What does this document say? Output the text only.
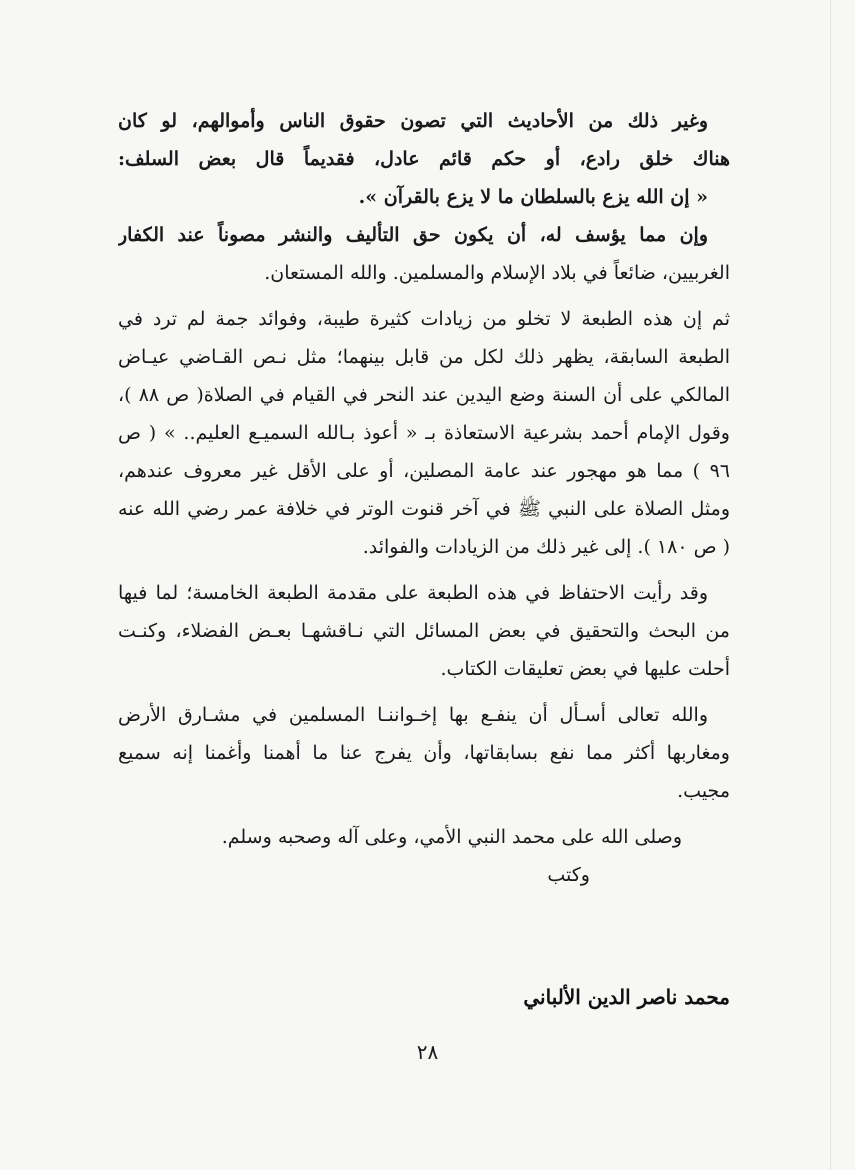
وغير ذلك من الأحاديث التي تصون حقوق الناس وأموالهم، لو كان
هناك خلق رادع، أو حكم قائم عادل، فقديماً قال بعض السلف:
« إن الله يزع بالسلطان ما لا يزع بالقرآن ».
وإن مما يؤسف له، أن يكون حق التأليف والنشر مصوناً عند الكفار
الغربيين، ضائعاً في بلاد الإسلام والمسلمين. والله المستعان.
ثم إن هذه الطبعة لا تخلو من زيادات كثيرة طيبة، وفوائد جمة لم ترد في
الطبعة السابقة، يظهر ذلك لكل من قابل بينهما؛ مثل نـص القـاضي عيـاض
المالكي على أن السنة وضع اليدين عند النحر في القيام في الصلاة( ص ٨٨ )،
وقول الإمام أحمد بشرعية الاستعاذة بـ « أعوذ بـالله السميـع العليم.. » ( ص
٩٦ ) مما هو مهجور عند عامة المصلين، أو على الأقل غير معروف عندهم،
ومثل الصلاة على النبي ﷺ في آخر قنوت الوتر في خلافة عمر رضي الله عنه
( ص ١٨٠ ). إلى غير ذلك من الزيادات والفوائد.
وقد رأيت الاحتفاظ في هذه الطبعة على مقدمة الطبعة الخامسة؛ لما فيها
من البحث والتحقيق في بعض المسائل التي نـاقشهـا بعـض الفضلاء، وكنـت
أحلت عليها في بعض تعليقات الكتاب.
والله تعالى أسـأل أن ينفـع بها إخـواننـا المسلمين في مشـارق الأرض
ومغاربها أكثر مما نفع بسابقاتها، وأن يفرج عنا ما أهمنا وأغمنا إنه سميع
مجيب.
وصلى الله على محمد النبي الأمي، وعلى آله وصحبه وسلم.
وكتب
محمد ناصر الدين الألباني
٢٨
